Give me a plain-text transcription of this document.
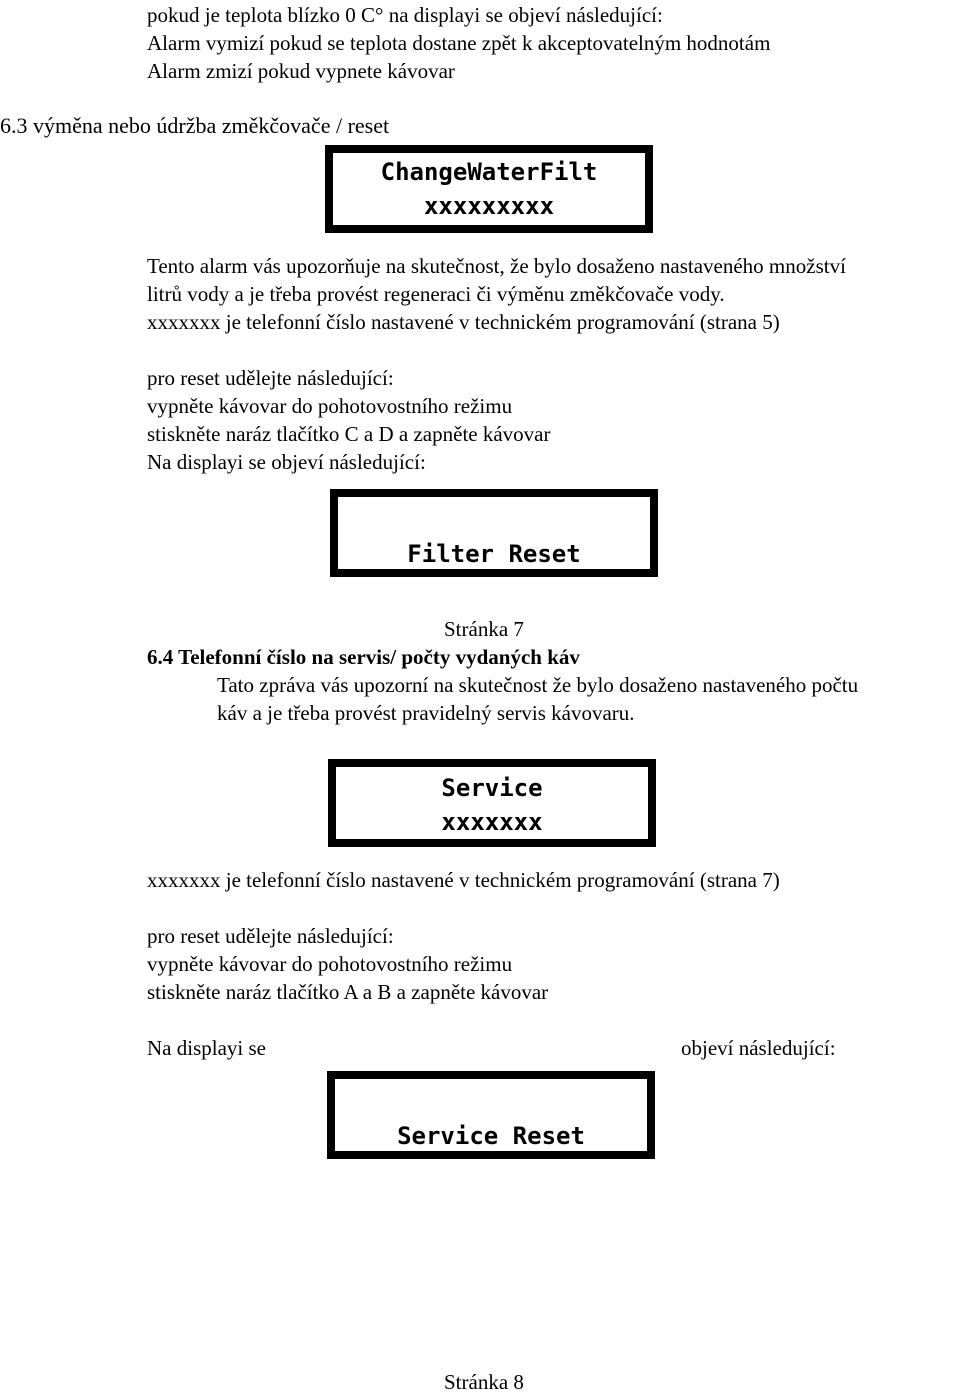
pokud je teplota blízko 0 C° na displayi se objeví následující:
Alarm vymizí pokud se teplota dostane zpět k akceptovatelným hodnotám
Alarm zmizí pokud vypnete kávovar
6.3 výměna nebo údržba změkčovače / reset
ChangeWaterFilt
xxxxxxxxx
Tento alarm vás upozorňuje na skutečnost, že bylo dosaženo nastaveného množství
litrů vody a je třeba provést regeneraci či výměnu změkčovače vody.
xxxxxxx je telefonní číslo nastavené v technickém programování (strana 5)
pro reset udělejte následující:
vypněte kávovar do pohotovostního režimu
stiskněte naráz tlačítko C a D a zapněte kávovar
Na displayi se objeví následující:
Filter Reset
Stránka 7
6.4 Telefonní číslo na servis/ počty vydaných káv
Tato zpráva vás upozorní na skutečnost že bylo dosaženo nastaveného počtu
káv a je třeba provést pravidelný servis kávovaru.
Service
xxxxxxx
xxxxxxx je telefonní číslo nastavené v technickém programování (strana 7)
pro reset udělejte následující:
vypněte kávovar do pohotovostního režimu
stiskněte naráz tlačítko A a B a zapněte kávovar
Na displayi se	objeví následující:
Service Reset
Stránka 8
